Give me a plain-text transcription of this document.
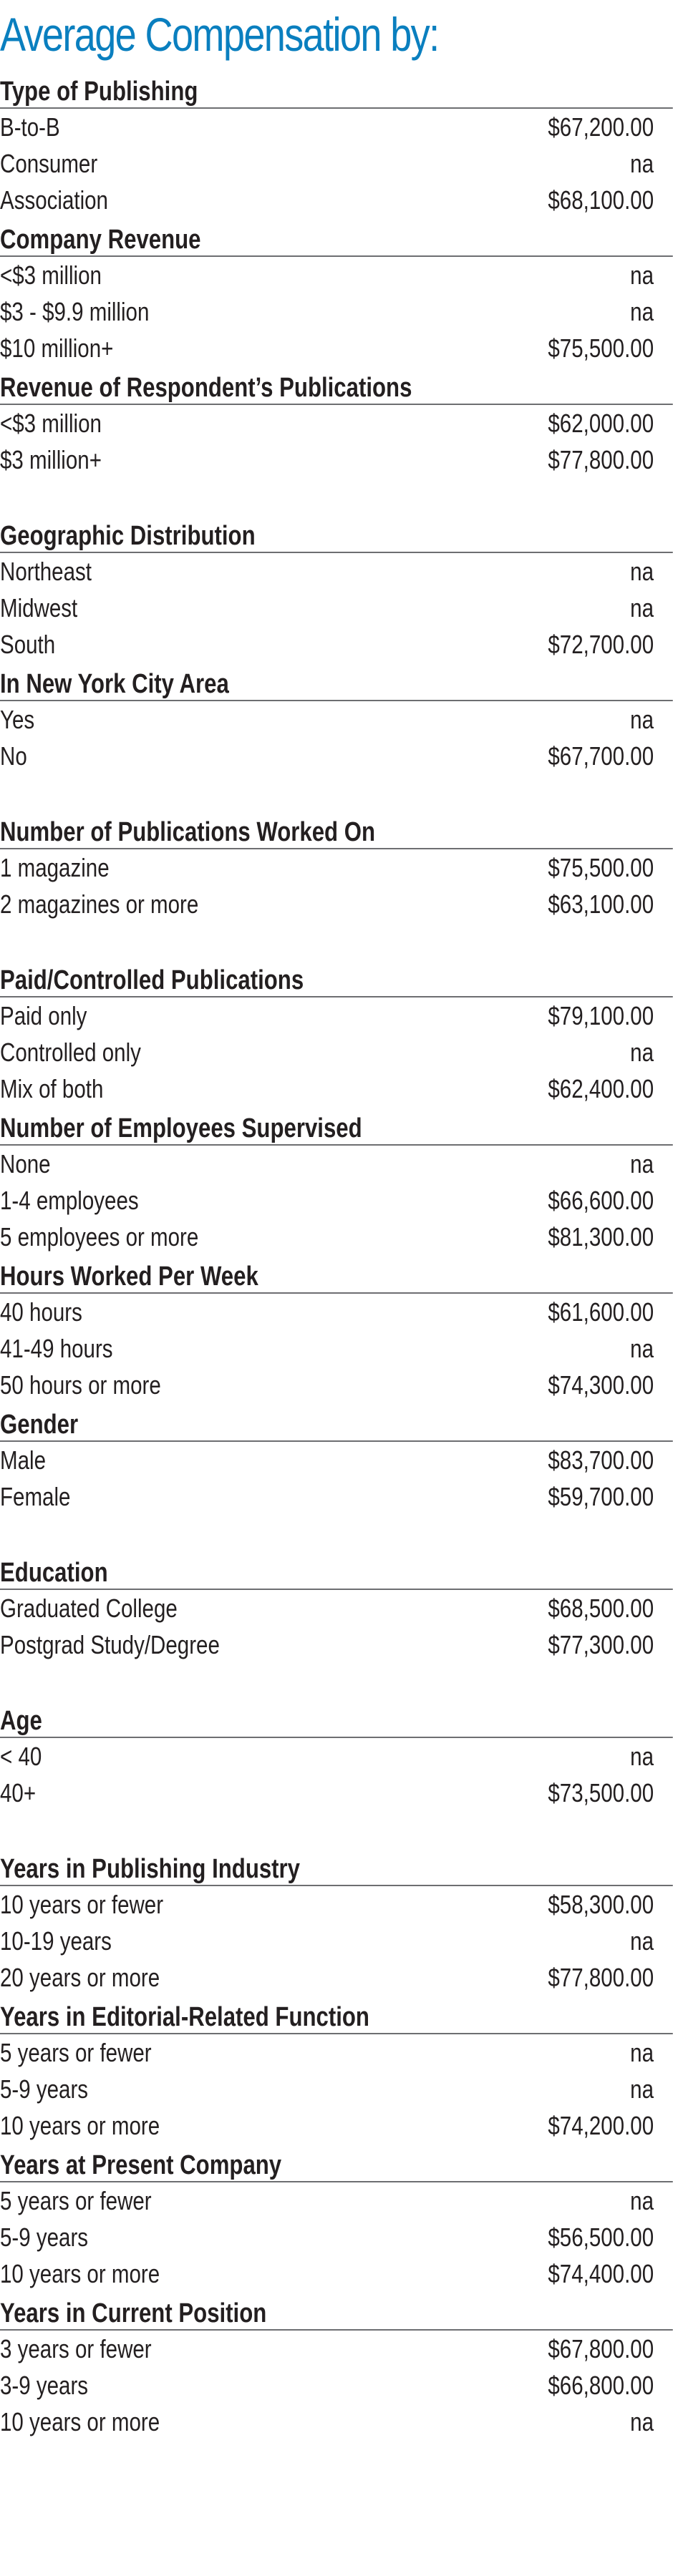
Average Compensation by:
Type of Publishing
B-to-B	$67,200.00
Consumer	na
Association	$68,100.00
Company Revenue
<$3 million	na
$3 - $9.9 million	na
$10 million+	$75,500.00
Revenue of Respondent’s Publications
<$3 million	$62,000.00
$3 million+	$77,800.00
Geographic Distribution
Northeast	na
Midwest	na
South	$72,700.00
In New York City Area
Yes	na
No	$67,700.00
Number of Publications Worked On
1 magazine	$75,500.00
2 magazines or more	$63,100.00
Paid/Controlled Publications
Paid only	$79,100.00
Controlled only	na
Mix of both	$62,400.00
Number of Employees Supervised
None	na
1-4 employees	$66,600.00
5 employees or more	$81,300.00
Hours Worked Per Week
40 hours	$61,600.00
41-49 hours	na
50 hours or more	$74,300.00
Gender
Male	$83,700.00
Female	$59,700.00
Education
Graduated College	$68,500.00
Postgrad Study/Degree	$77,300.00
Age
< 40	na
40+	$73,500.00
Years in Publishing Industry
10 years or fewer	$58,300.00
10-19 years	na
20 years or more	$77,800.00
Years in Editorial-Related Function
5 years or fewer	na
5-9 years	na
10 years or more	$74,200.00
Years at Present Company
5 years or fewer	na
5-9 years	$56,500.00
10 years or more	$74,400.00
Years in Current Position
3 years or fewer	$67,800.00
3-9 years	$66,800.00
10 years or more	na
